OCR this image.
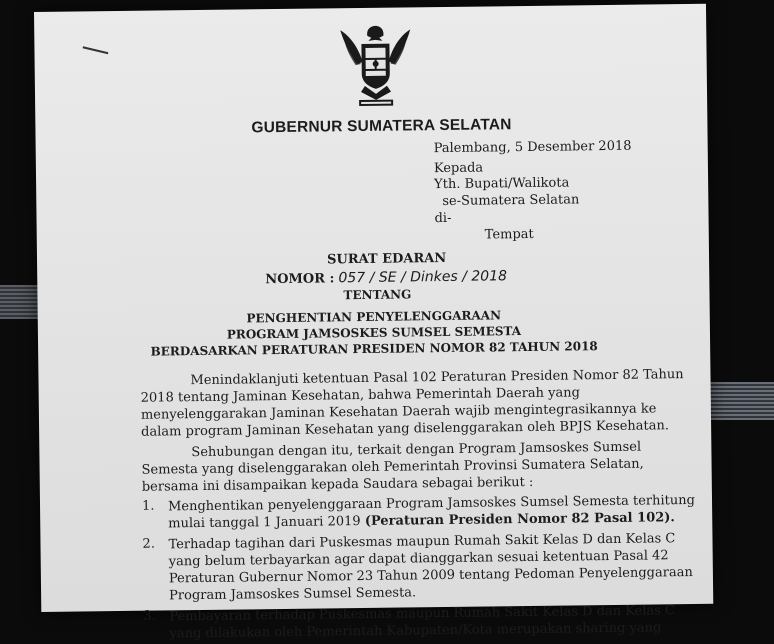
GUBERNUR SUMATERA SELATAN
Palembang, 5 Desember 2018
Kepada
Yth. Bupati/Walikota
se-Sumatera Selatan
di-
Tempat
SURAT EDARAN
NOMOR : 057 / SE / Dinkes / 2018
TENTANG
PENGHENTIAN PENYELENGGARAAN
PROGRAM JAMSOSKES SUMSEL SEMESTA
BERDASARKAN PERATURAN PRESIDEN NOMOR 82 TAHUN 2018
Menindaklanjuti ketentuan Pasal 102 Peraturan Presiden Nomor 82 Tahun
2018 tentang Jaminan Kesehatan, bahwa Pemerintah Daerah yang
menyelenggarakan Jaminan Kesehatan Daerah wajib mengintegrasikannya ke
dalam program Jaminan Kesehatan yang diselenggarakan oleh BPJS Kesehatan.
Sehubungan dengan itu, terkait dengan Program Jamsoskes Sumsel
Semesta yang diselenggarakan oleh Pemerintah Provinsi Sumatera Selatan,
bersama ini disampaikan kepada Saudara sebagai berikut :
1. Menghentikan penyelenggaraan Program Jamsoskes Sumsel Semesta terhitung
mulai tanggal 1 Januari 2019 (Peraturan Presiden Nomor 82 Pasal 102).
2. Terhadap tagihan dari Puskesmas maupun Rumah Sakit Kelas D dan Kelas C
yang belum terbayarkan agar dapat dianggarkan sesuai ketentuan Pasal 42
Peraturan Gubernur Nomor 23 Tahun 2009 tentang Pedoman Penyelenggaraan
Program Jamsoskes Sumsel Semesta.
3. Pembayaran terhadap Puskesmas maupun Rumah Sakit Kelas D dan Kelas C
yang dilakukan oleh Pemerintah Kabupaten/Kota merupakan sharing yang
